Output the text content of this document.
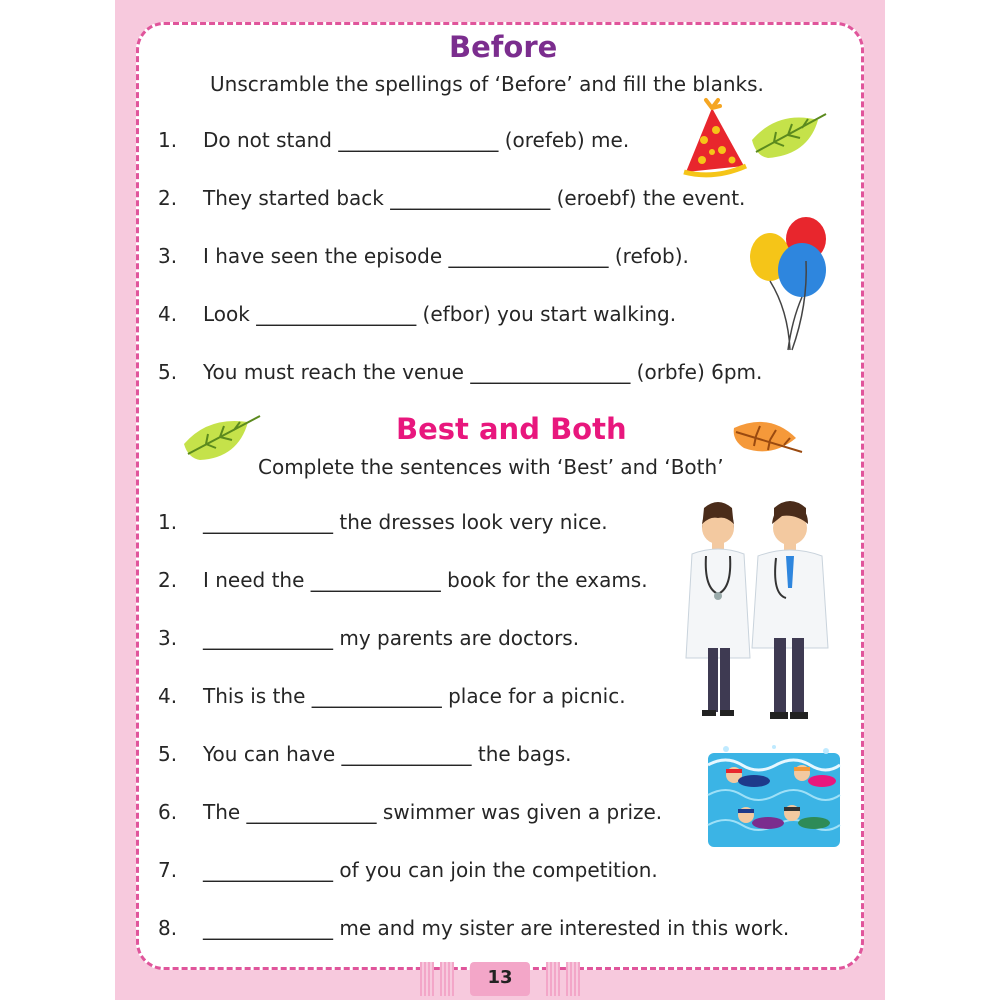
Before
Unscramble the spellings of ‘Before’ and fill the blanks.
1. Do not stand ________________ (orefeb) me.
2. They started back ________________ (eroebf) the event.
3. I have seen the episode ________________ (refob).
4. Look ________________ (efbor) you start walking.
5. You must reach the venue ________________ (orbfe) 6pm.
Best and Both
Complete the sentences with ‘Best’ and ‘Both’
1. _____________ the dresses look very nice.
2. I need the _____________ book for the exams.
3. _____________ my parents are doctors.
4. This is the _____________ place for a picnic.
5. You can have _____________ the bags.
6. The _____________ swimmer was given a prize.
7. _____________ of you can join the competition.
8. _____________ me and my sister are interested in this work.
13
